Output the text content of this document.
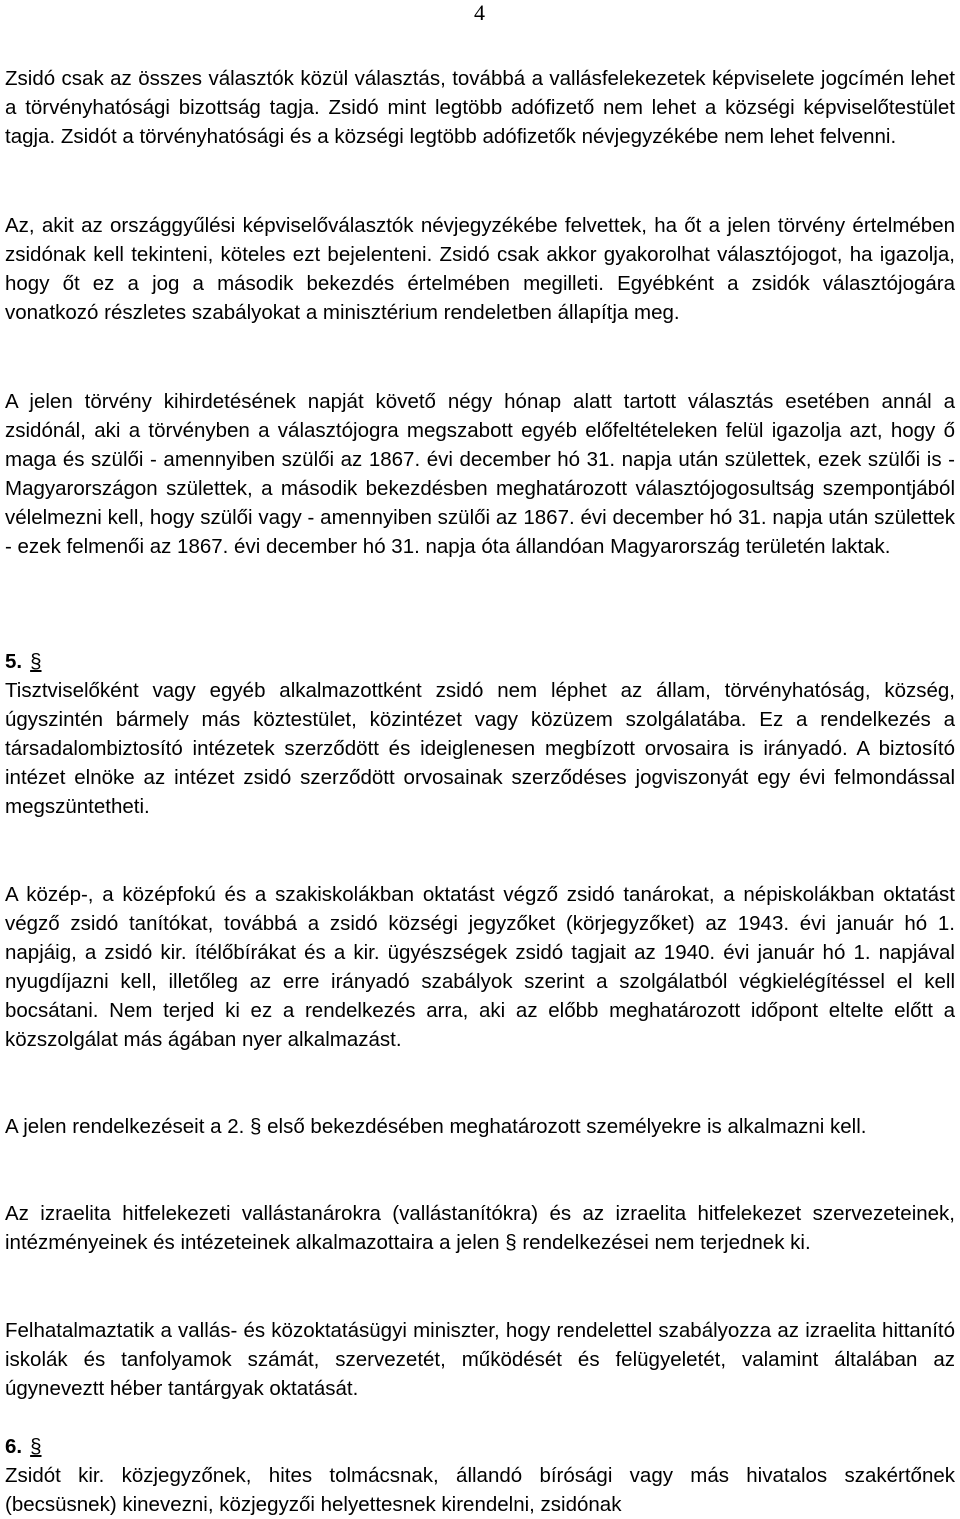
4

Zsidó csak az összes választók közül választás, továbbá a vallásfelekezetek képviselete jogcímén lehet a törvényhatósági bizottság tagja. Zsidó mint legtöbb adófizető nem lehet a községi képviselőtestület tagja. Zsidót a törvényhatósági és a községi legtöbb adófizetők névjegyzékébe nem lehet felvenni.

Az, akit az országgyűlési képviselőválasztók névjegyzékébe felvettek, ha őt a jelen törvény értelmében zsidónak kell tekinteni, köteles ezt bejelenteni. Zsidó csak akkor gyakorolhat választójogot, ha igazolja, hogy őt ez a jog a második bekezdés értelmében megilleti. Egyébként a zsidók választójogára vonatkozó részletes szabályokat a minisztérium rendeletben állapítja meg.

A jelen törvény kihirdetésének napját követő négy hónap alatt tartott választás esetében annál a zsidónál, aki a törvényben a választójogra megszabott egyéb előfeltételeken felül igazolja azt, hogy ő maga és szülői - amennyiben szülői az 1867. évi december hó 31. napja után születtek, ezek szülői is - Magyarországon születtek, a második bekezdésben meghatározott választójogosultság szempontjából vélelmezni kell, hogy szülői vagy - amennyiben szülői az 1867. évi december hó 31. napja után születtek - ezek felmenői az 1867. évi december hó 31. napja óta állandóan Magyarország területén laktak.

5. §

Tisztviselőként vagy egyéb alkalmazottként zsidó nem léphet az állam, törvényhatóság, község, úgyszintén bármely más köztestület, közintézet vagy közüzem szolgálatába. Ez a rendelkezés a társadalombiztosító intézetek szerződött és ideiglenesen megbízott orvosaira is irányadó. A biztosító intézet elnöke az intézet zsidó szerződött orvosainak szerződéses jogviszonyát egy évi felmondással megszüntetheti.

A közép-, a középfokú és a szakiskolákban oktatást végző zsidó tanárokat, a népiskolákban oktatást végző zsidó tanítókat, továbbá a zsidó községi jegyzőket (körjegyzőket) az 1943. évi január hó 1. napjáig, a zsidó kir. ítélőbírákat és a kir. ügyészségek zsidó tagjait az 1940. évi január hó 1. napjával nyugdíjazni kell, illetőleg az erre irányadó szabályok szerint a szolgálatból végkielégítéssel el kell bocsátani. Nem terjed ki ez a rendelkezés arra, aki az előbb meghatározott időpont eltelte előtt a közszolgálat más ágában nyer alkalmazást.

A jelen rendelkezéseit a 2. § első bekezdésében meghatározott személyekre is alkalmazni kell.

Az izraelita hitfelekezeti vallástanárokra (vallástanítókra) és az izraelita hitfelekezet szervezeteinek, intézményeinek és intézeteinek alkalmazottaira a jelen § rendelkezései nem terjednek ki.

Felhatalmaztatik a vallás- és közoktatásügyi miniszter, hogy rendelettel szabályozza az izraelita hittanító iskolák és tanfolyamok számát, szervezetét, működését és felügyeletét, valamint általában az úgyneveztt héber tantárgyak oktatását.

6. §

Zsidót kir. közjegyzőnek, hites tolmácsnak, állandó bírósági vagy más hivatalos szakértőnek (becsüsnek) kinevezni, közjegyzői helyettesnek kirendelni, zsidónak
